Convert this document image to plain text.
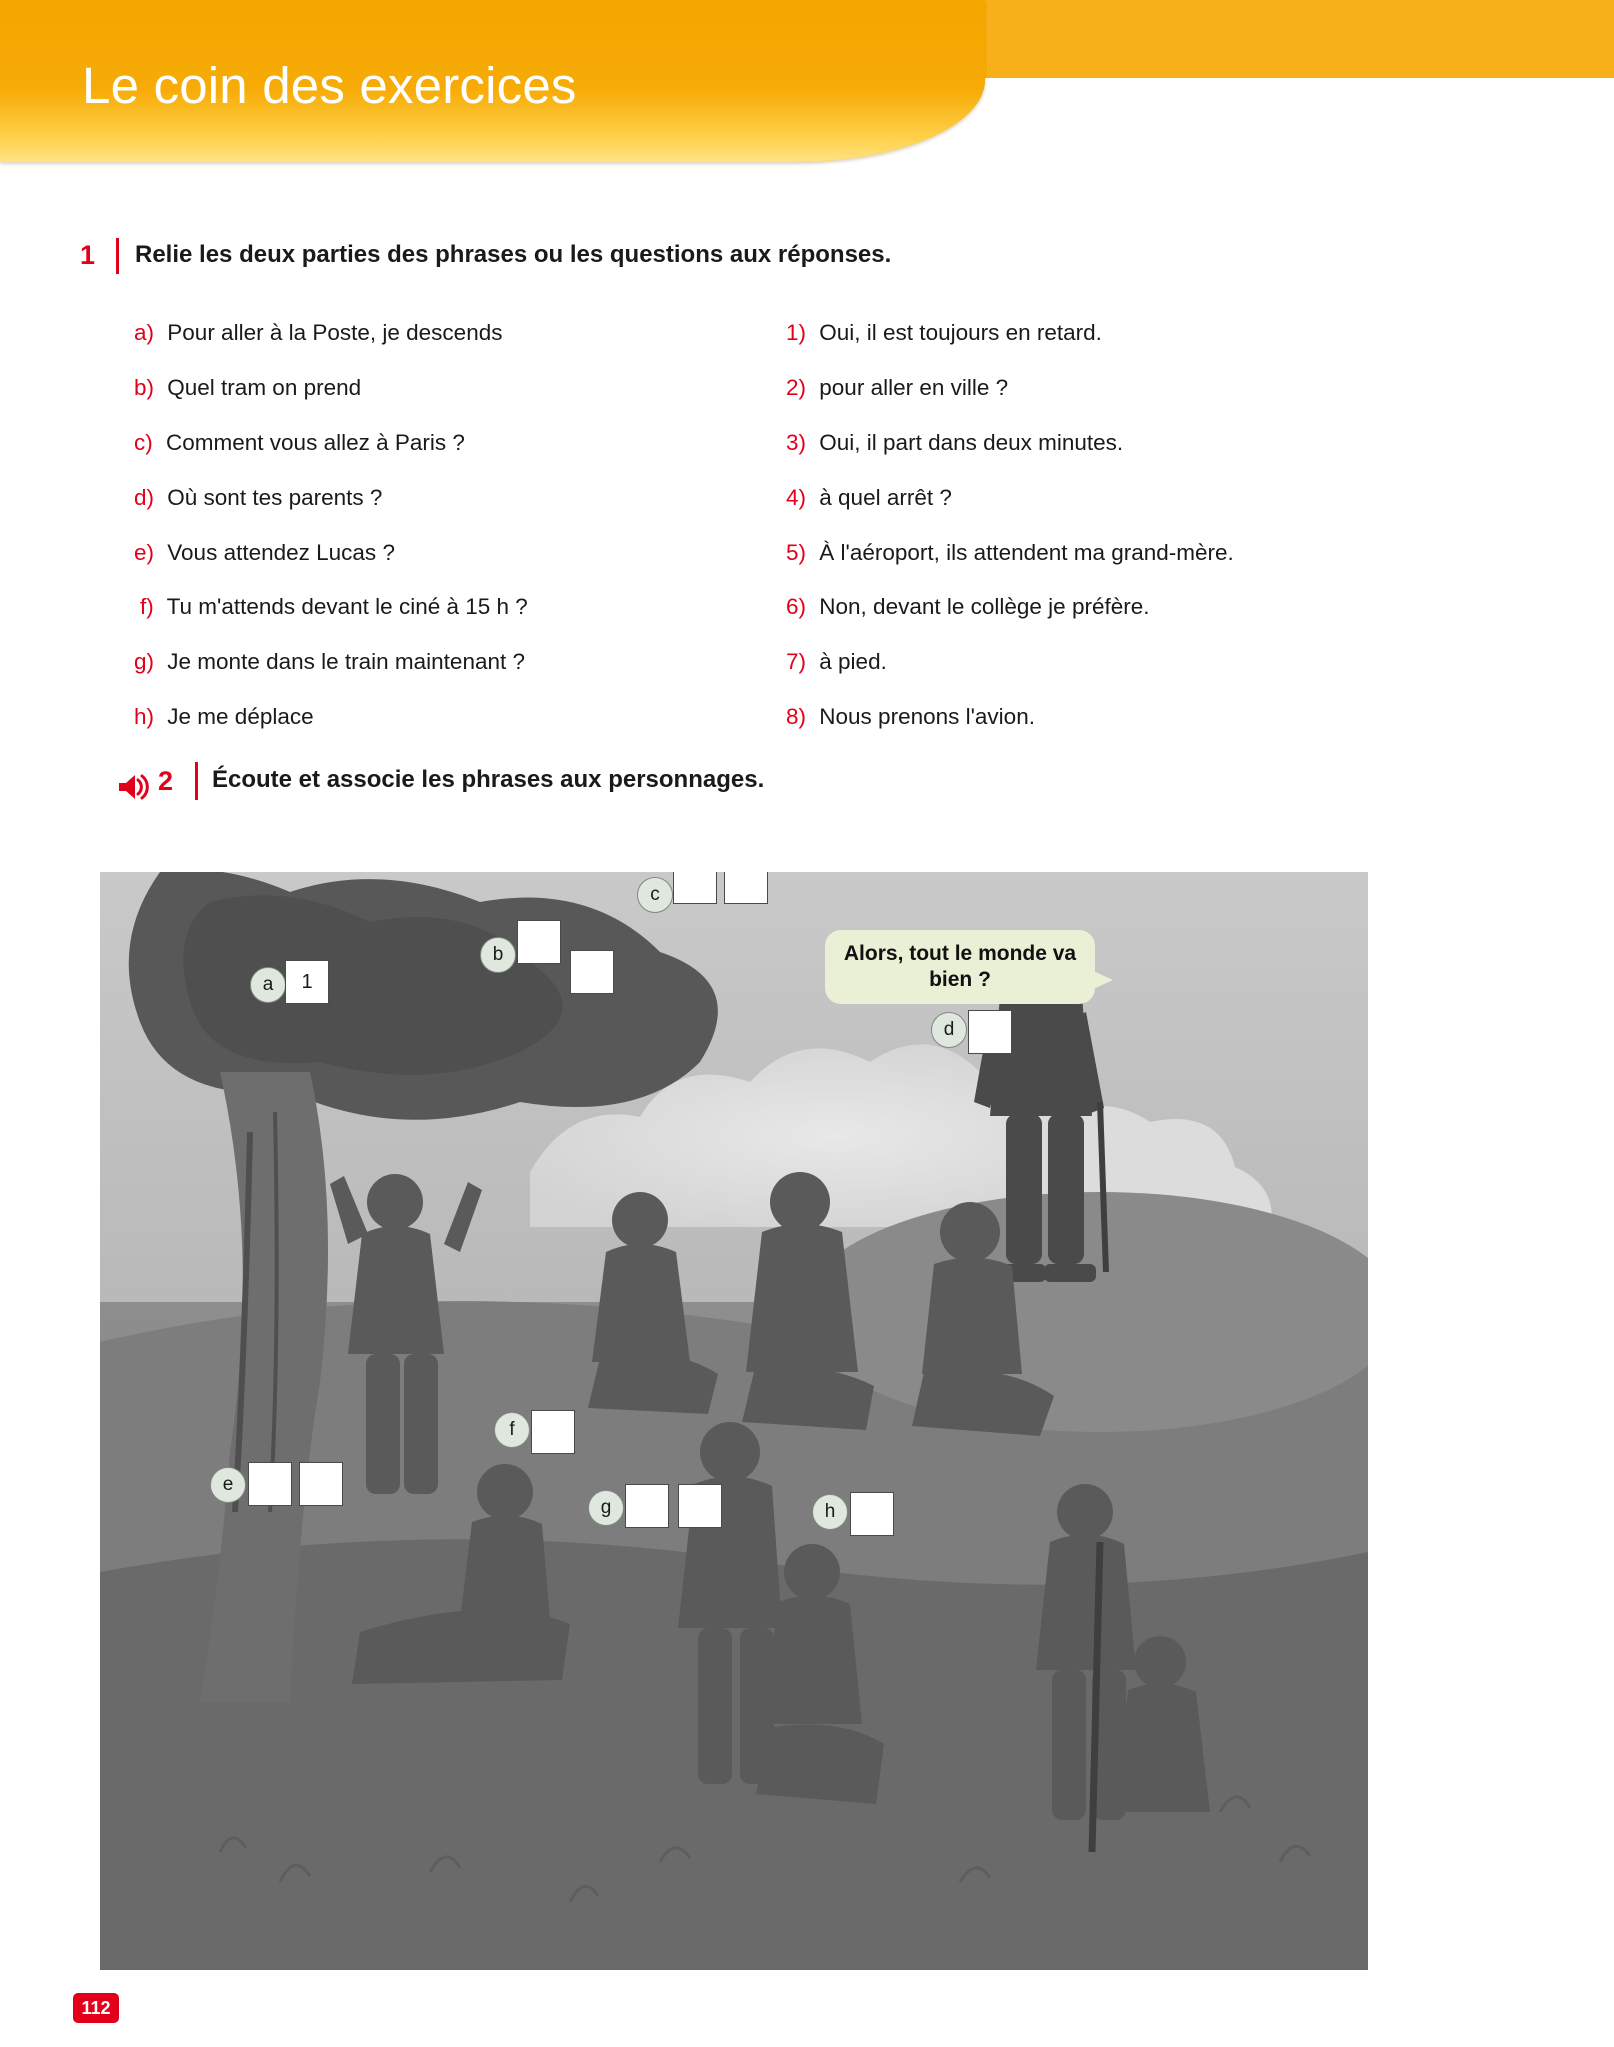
Le coin des exercices
1 Relie les deux parties des phrases ou les questions aux réponses.
a) Pour aller à la Poste, je descends
b) Quel tram on prend
c) Comment vous allez à Paris ?
d) Où sont tes parents ?
e) Vous attendez Lucas ?
f) Tu m'attends devant le ciné à 15 h ?
g) Je monte dans le train maintenant ?
h) Je me déplace
1) Oui, il est toujours en retard.
2) pour aller en ville ?
3) Oui, il part dans deux minutes.
4) à quel arrêt ?
5) À l'aéroport, ils attendent ma grand-mère.
6) Non, devant le collège je préfère.
7) à pied.
8) Nous prenons l'avion.
2 Écoute et associe les phrases aux personnages.
Alors, tout le monde va bien ?
a	1
b
c
d
e
f
g	h
112
